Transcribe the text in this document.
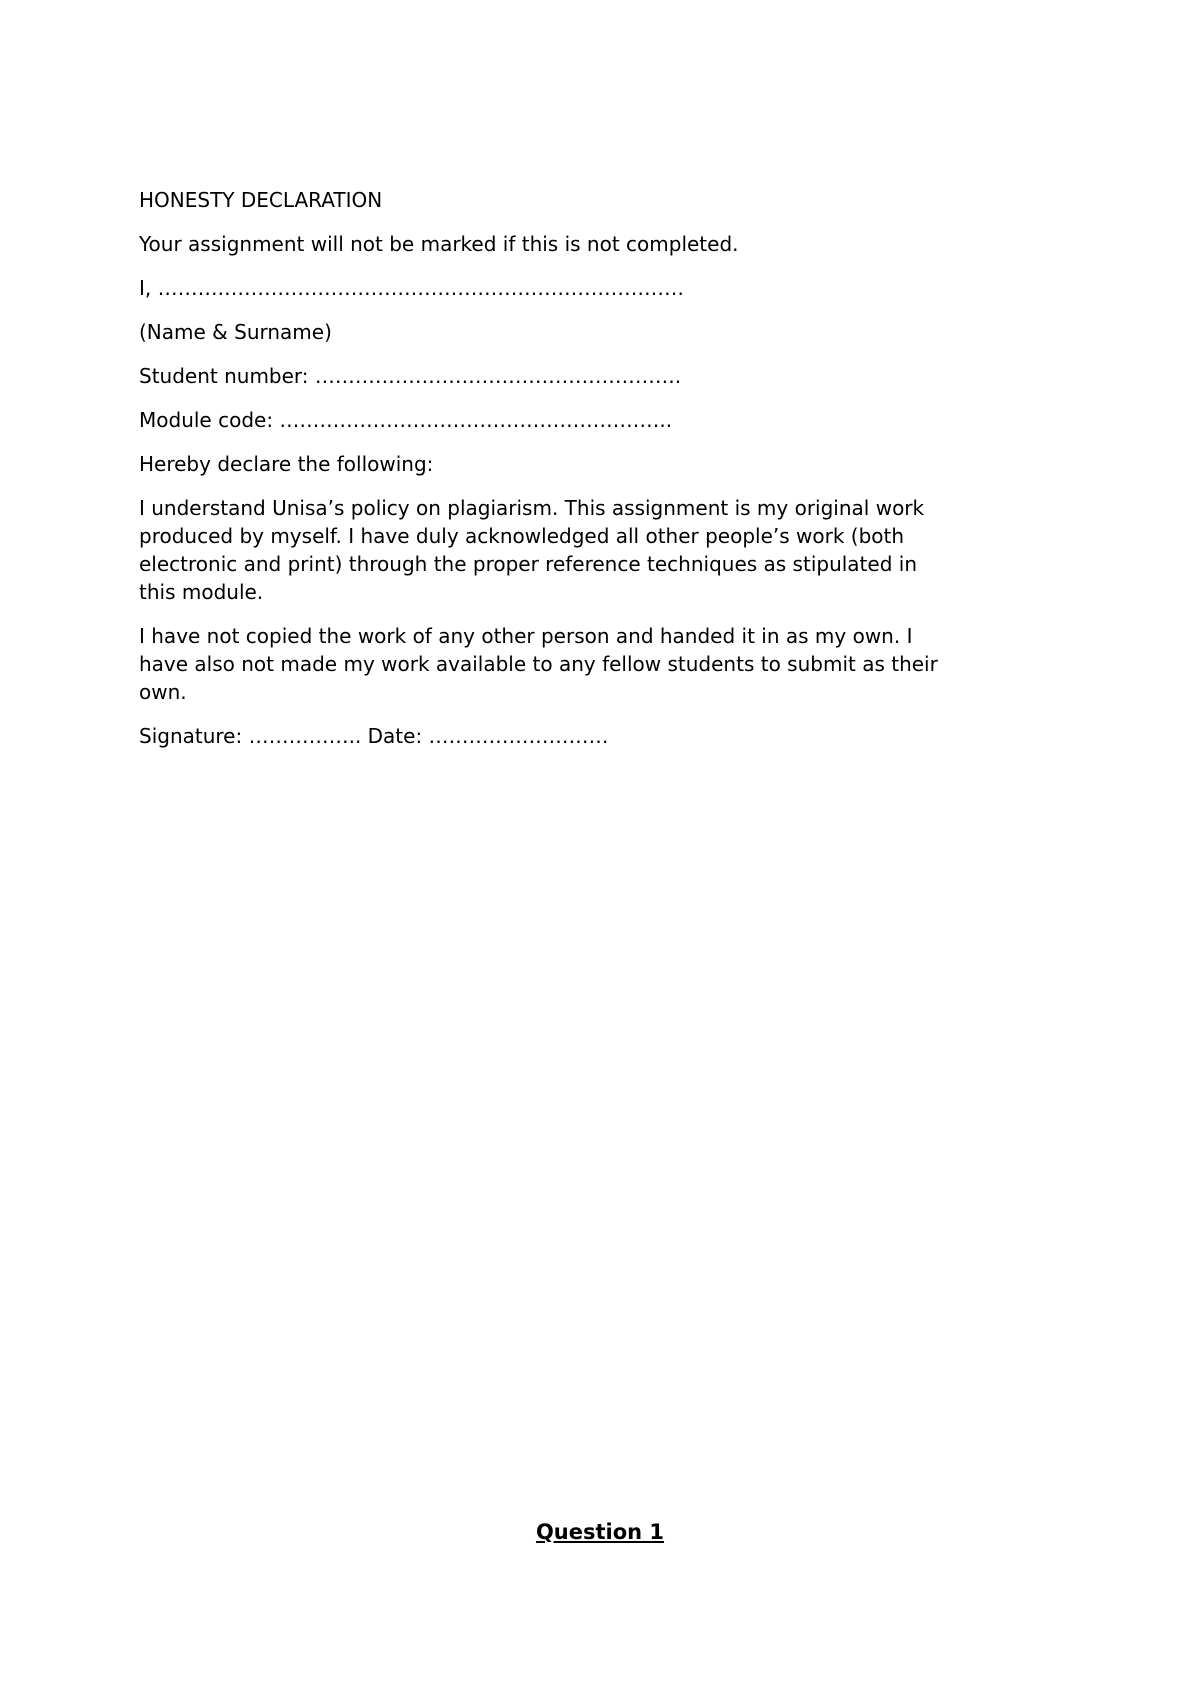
HONESTY DECLARATION

Your assignment will not be marked if this is not completed.

I, ……….……………………………………………………………

(Name & Surname)

Student number: ……………………………………………….

Module code: …………………………………………………..

Hereby declare the following:

I understand Unisa’s policy on plagiarism. This assignment is my original work produced by myself. I have duly acknowledged all other people’s work (both electronic and print) through the proper reference techniques as stipulated in this module.

I have not copied the work of any other person and handed it in as my own. I have also not made my work available to any fellow students to submit as their own.

Signature: …………….. Date: ………………………

Question 1
